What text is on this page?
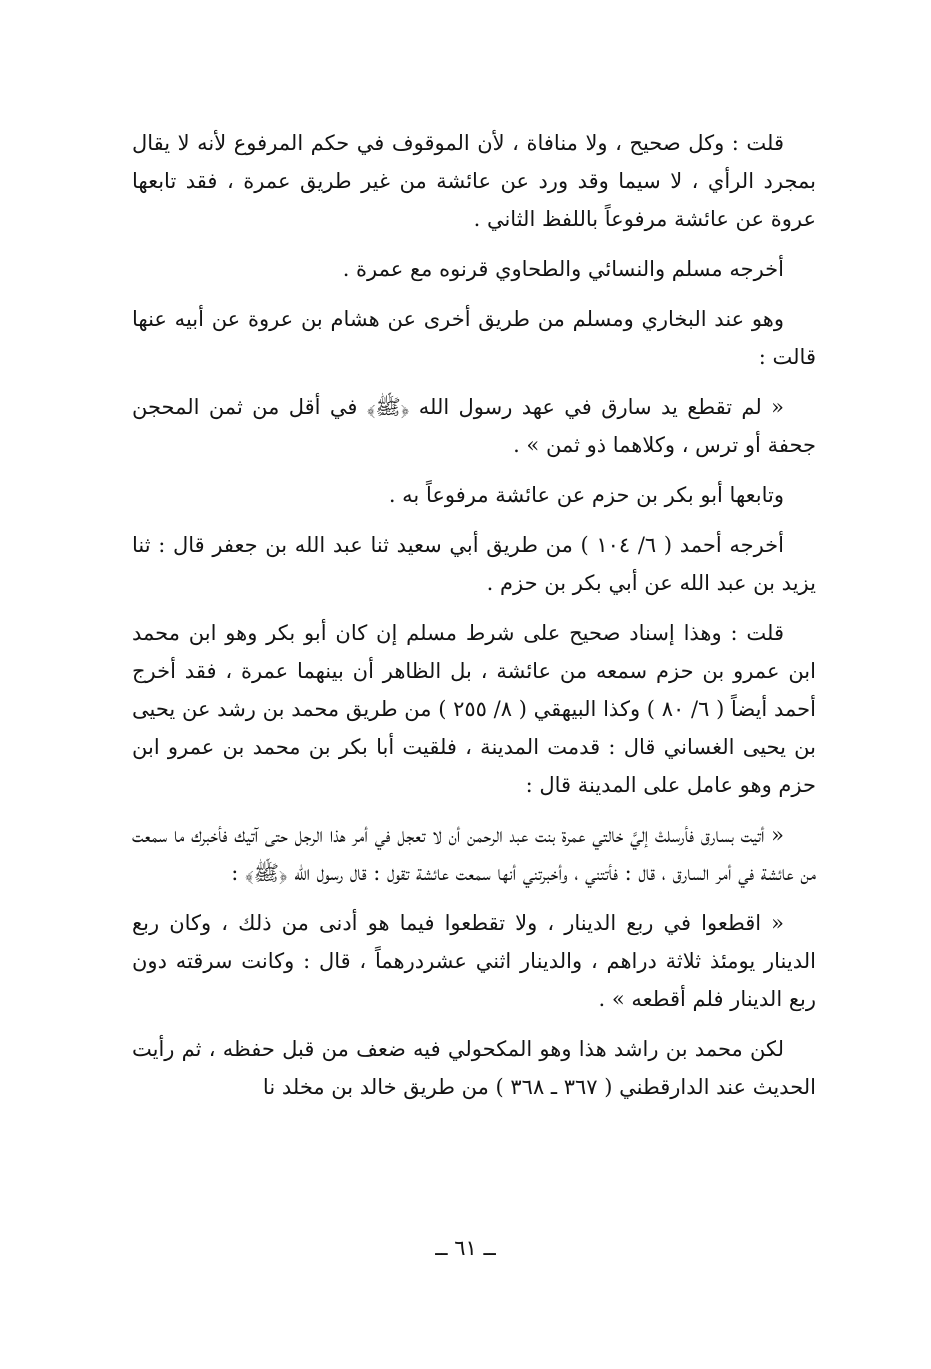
قلت : وكل صحيح ، ولا منافاة ، لأن الموقوف في حكم المرفوع لأنه لا يقال بمجرد الرأي ، لا سيما وقد ورد عن عائشة من غير طريق عمرة ، فقد تابعها عروة عن عائشة مرفوعاً باللفظ الثاني .

أخرجه مسلم والنسائي والطحاوي قرنوه مع عمرة .

وهو عند البخاري ومسلم من طريق أخرى عن هشام بن عروة عن أبيه عنها قالت :

« لم تقطع يد سارق في عهد رسول الله ﴿ﷺ﴾ في أقل من ثمن المحجن جحفة أو ترس ، وكلاهما ذو ثمن » .

وتابعها أبو بكر بن حزم عن عائشة مرفوعاً به .

أخرجه أحمد ( ٦/ ١٠٤ ) من طريق أبي سعيد ثنا عبد الله بن جعفر قال : ثنا يزيد بن عبد الله عن أبي بكر بن حزم .

قلت : وهذا إسناد صحيح على شرط مسلم إن كان أبو بكر وهو ابن محمد ابن عمرو بن حزم سمعه من عائشة ، بل الظاهر أن بينهما عمرة ، فقد أخرج أحمد أيضاً ( ٦/ ٨٠ ) وكذا البيهقي ( ٨/ ٢٥٥ ) من طريق محمد بن رشد عن يحيى بن يحيى الغساني قال : قدمت المدينة ، فلقيت أبا بكر بن محمد بن عمرو ابن حزم وهو عامل على المدينة قال :

« أتيت بسارق فأرسلتْ إليَّ خالتي عمرة بنت عبد الرحمن أن لا تعجل في أمر هذا الرجل حتى آتيك فأخبرك ما سمعت من عائشة في أمر السارق ، قال : فأتتني ، وأخبرتني أنها سمعت عائشة تقول : قال رسول الله ﴿ﷺ﴾ :

« اقطعوا في ربع الدينار ، ولا تقطعوا فيما هو أدنى من ذلك ، وكان ربع الدينار يومئذ ثلاثة دراهم ، والدينار اثني عشردرهماً ، قال : وكانت سرقته دون ربع الدينار فلم أقطعه » .

لكن محمد بن راشد هذا وهو المكحولي فيه ضعف من قبل حفظه ، ثم رأيت الحديث عند الدارقطني ( ٣٦٧ ـ ٣٦٨ ) من طريق خالد بن مخلد نا

ــ ٦١ ــ
